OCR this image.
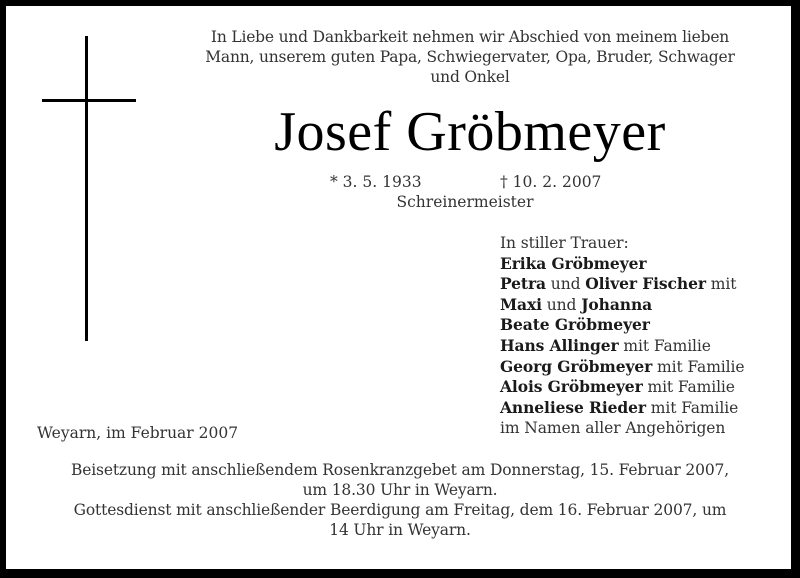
In Liebe und Dankbarkeit nehmen wir Abschied von meinem lieben
Mann, unserem guten Papa, Schwiegervater, Opa, Bruder, Schwager
und Onkel
Josef Gröbmeyer
* 3. 5. 1933	† 10. 2. 2007
Schreinermeister
In stiller Trauer:
Erika Gröbmeyer
Petra und Oliver Fischer mit
Maxi und Johanna
Beate Gröbmeyer
Hans Allinger mit Familie
Georg Gröbmeyer mit Familie
Alois Gröbmeyer mit Familie
Anneliese Rieder mit Familie
im Namen aller Angehörigen
Weyarn, im Februar 2007
Beisetzung mit anschließendem Rosenkranzgebet am Donnerstag, 15. Februar 2007,
um 18.30 Uhr in Weyarn.
Gottesdienst mit anschließender Beerdigung am Freitag, dem 16. Februar 2007, um
14 Uhr in Weyarn.
